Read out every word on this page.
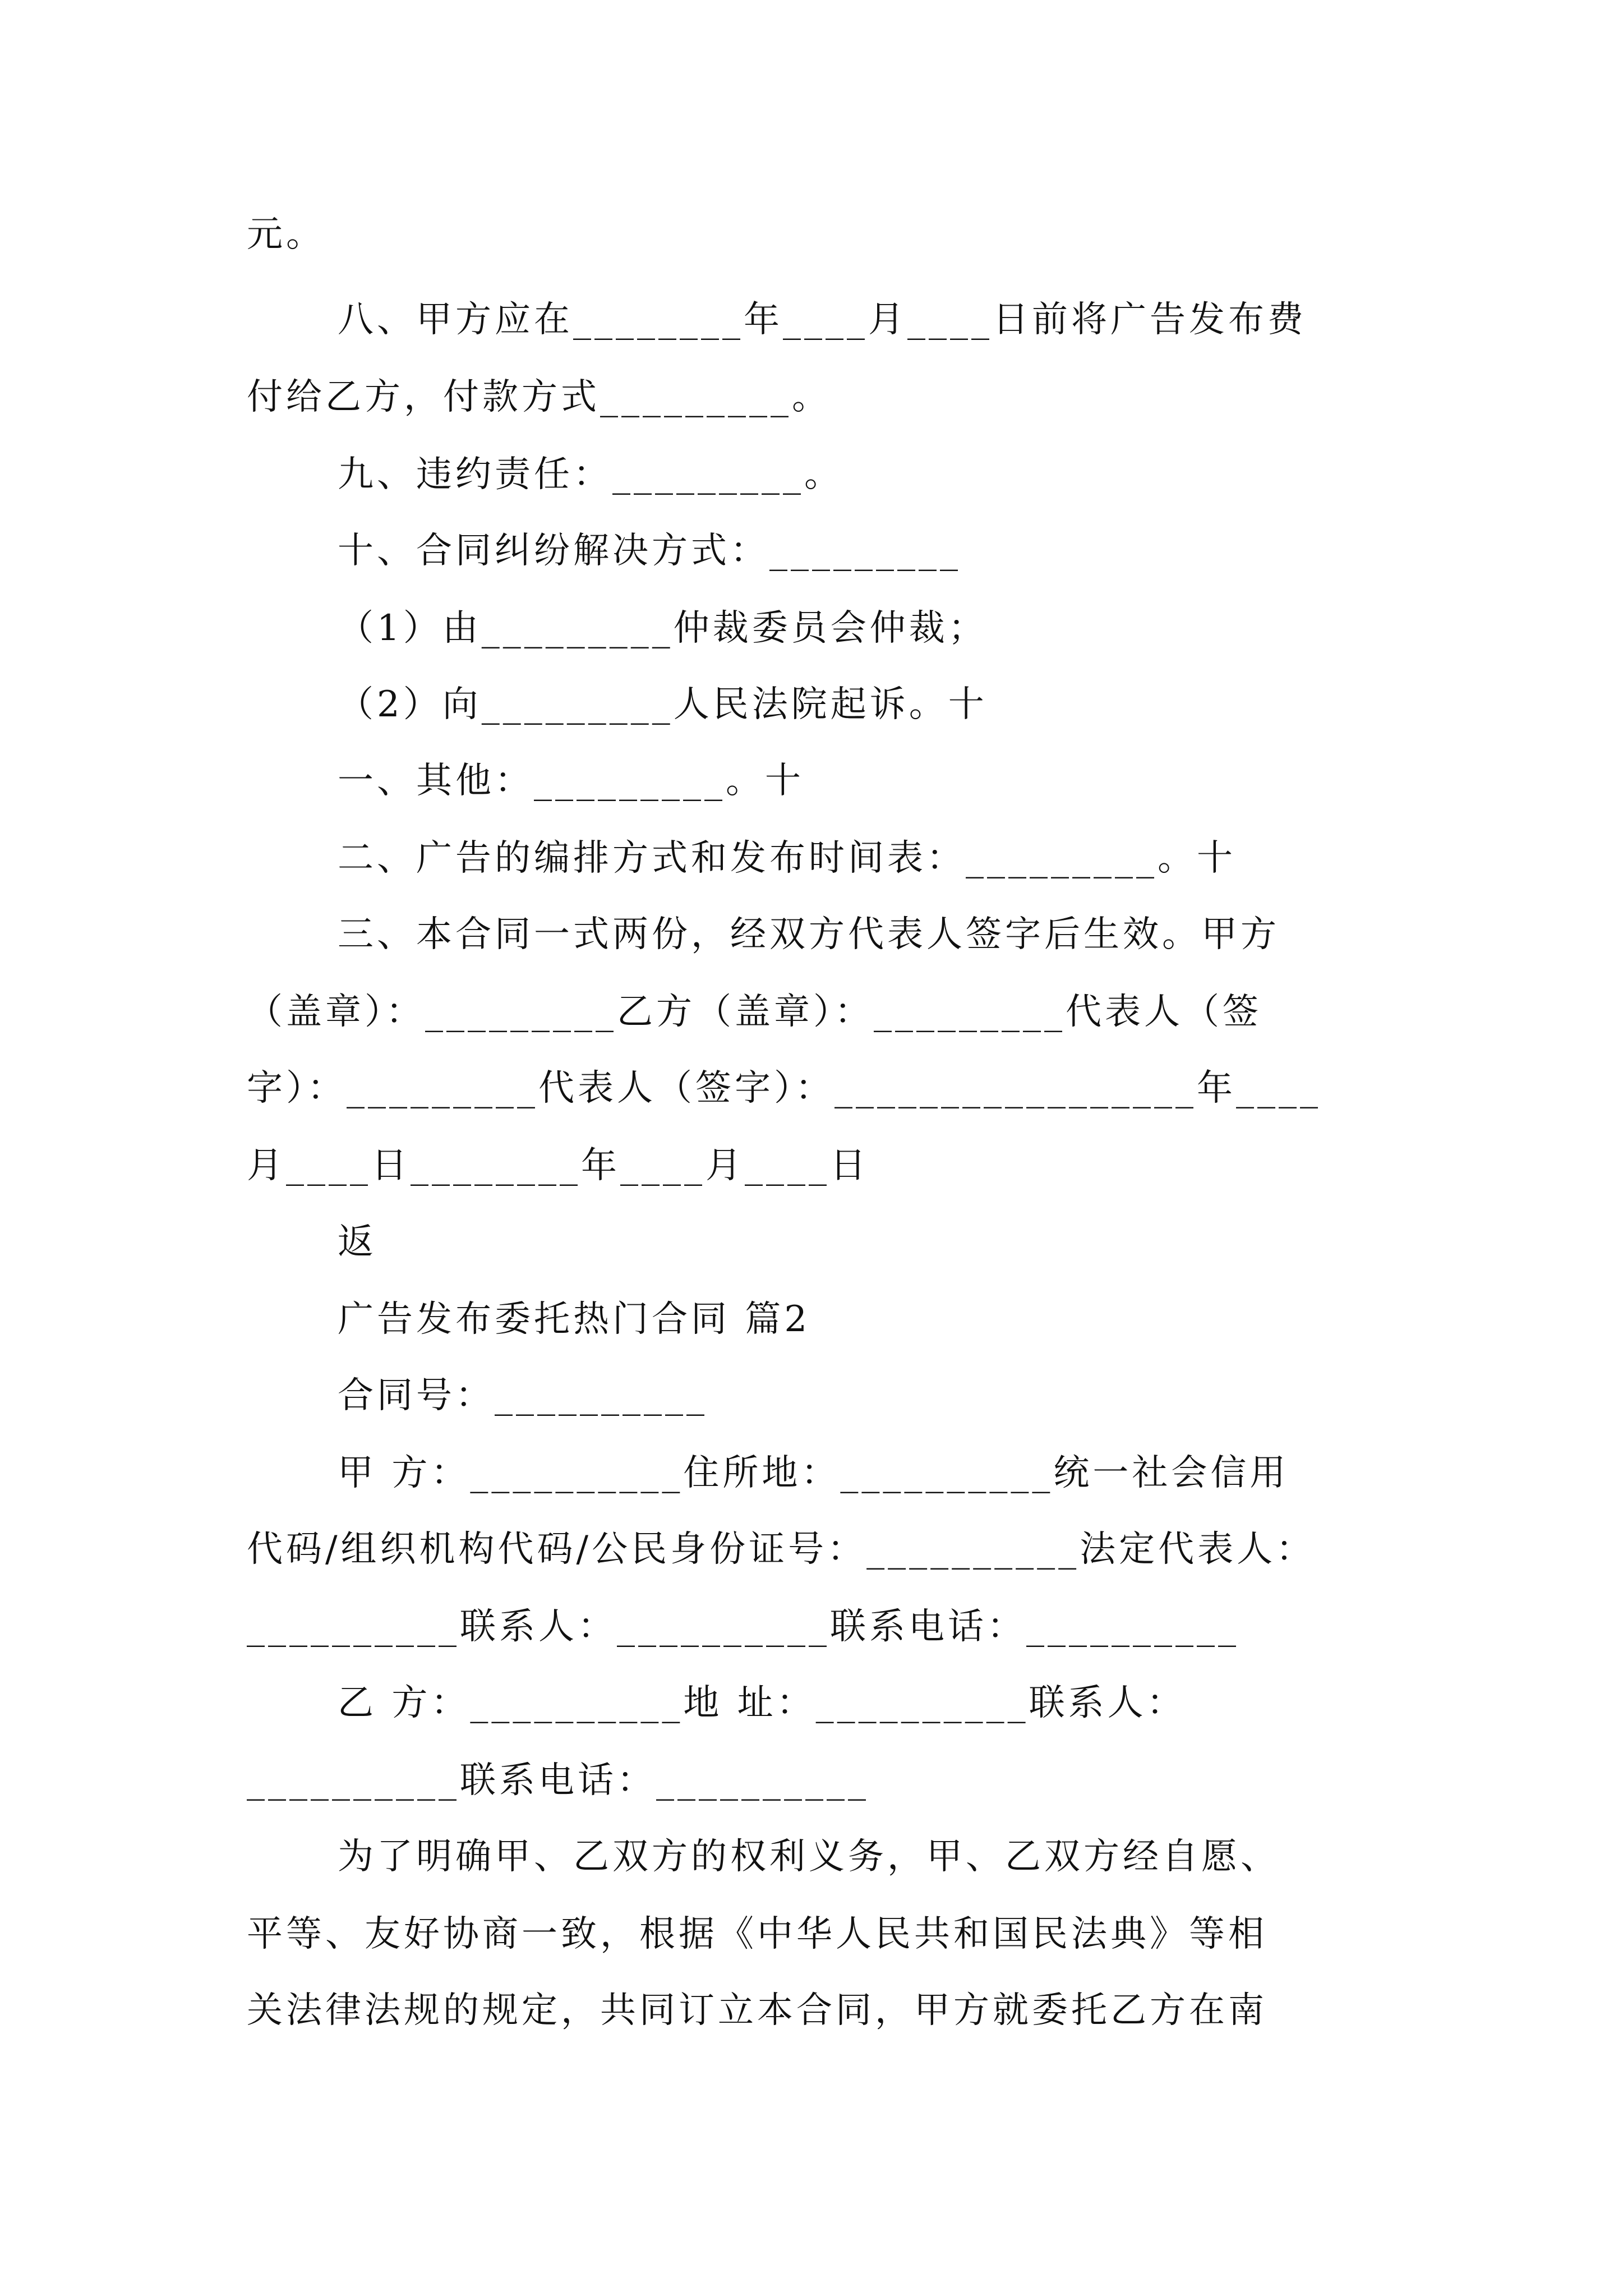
元。
八、甲方应在________年____月____日前将广告发布费
付给乙方，付款方式_________。
九、违约责任：_________。
十、合同纠纷解决方式：_________
（1）由_________仲裁委员会仲裁；
（2）向_________人民法院起诉。十
一、其他：_________。十
二、广告的编排方式和发布时间表：_________。十
三、本合同一式两份，经双方代表人签字后生效。甲方
（盖章）：_________乙方（盖章）：_________代表人（签
字）：_________代表人（签字）：_________________年____
月____日________年____月____日
返
广告发布委托热门合同 篇2
合同号：__________
甲 方：__________住所地：__________统一社会信用
代码/组织机构代码/公民身份证号：__________法定代表人：
__________联系人：__________联系电话：__________
乙 方：__________地 址：__________联系人：
__________联系电话：__________
为了明确甲、乙双方的权利义务，甲、乙双方经自愿、
平等、友好协商一致，根据《中华人民共和国民法典》等相
关法律法规的规定，共同订立本合同，甲方就委托乙方在南
